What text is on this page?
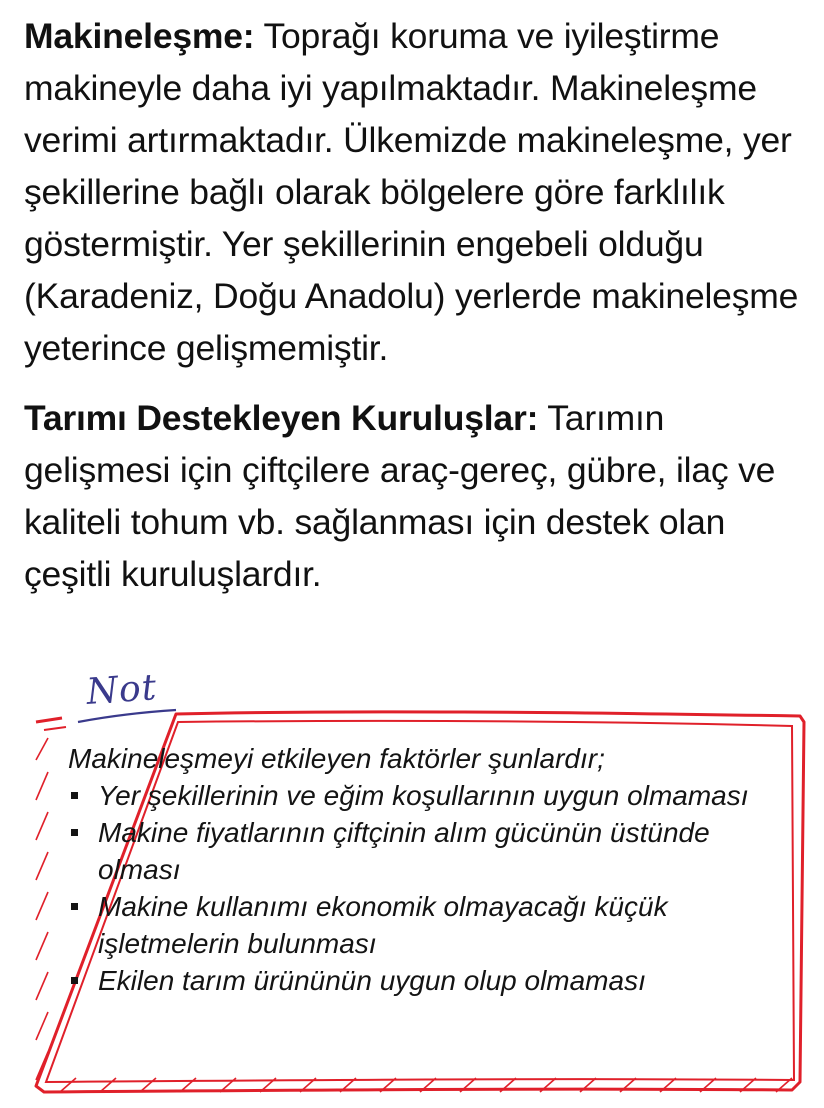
Makineleşme: Toprağı koruma ve iyileştirme makineyle daha iyi yapılmaktadır. Makineleşme verimi artırmaktadır. Ülkemizde makineleşme, yer şekillerine bağlı olarak bölgelere göre farklılık göstermiştir. Yer şekillerinin engebeli olduğu (Karadeniz, Doğu Anadolu) yerlerde makineleşme yeterince gelişmemiştir.
Tarımı Destekleyen Kuruluşlar: Tarımın gelişmesi için çiftçilere araç-gereç, gübre, ilaç ve kaliteli tohum vb. sağlanması için destek olan çeşitli kuruluşlardır.
Not
Makineleşmeyi etkileyen faktörler şunlardır;
Yer şekillerinin ve eğim koşullarının uygun olmaması
Makine fiyatlarının çiftçinin alım gücünün üstünde olması
Makine kullanımı ekonomik olmayacağı küçük işletmelerin bulunması
Ekilen tarım ürününün uygun olup olmaması
